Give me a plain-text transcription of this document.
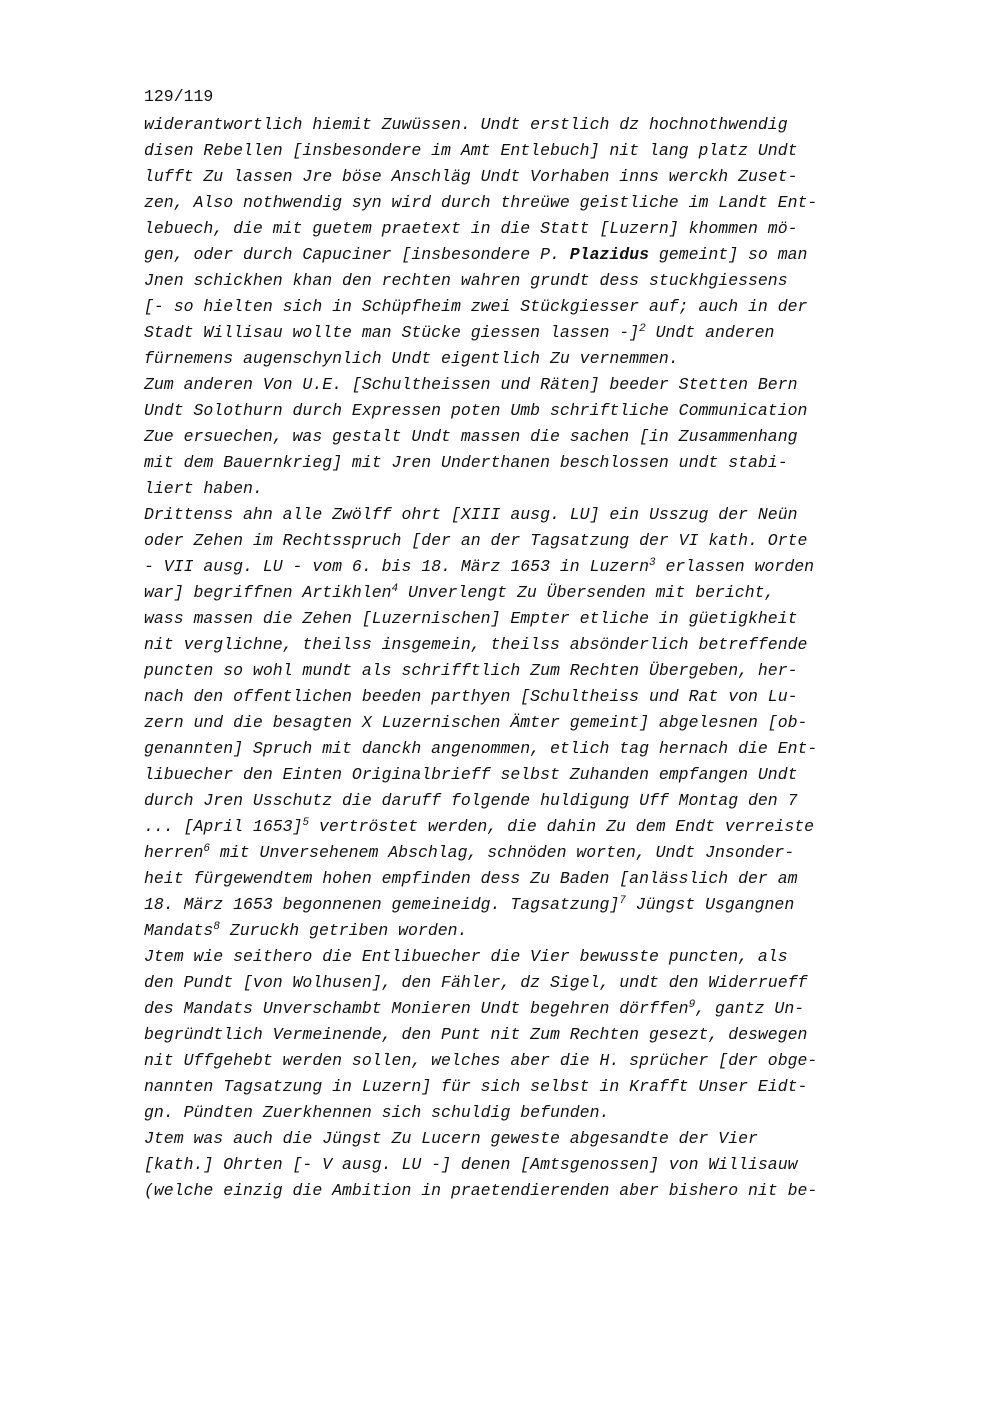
129/119
widerantwortlich hiemit Zuwüssen. Undt erstlich dz hochnothwendig
disen Rebellen [insbesondere im Amt Entlebuch] nit lang platz Undt
lufft Zu lassen Jre böse Anschläg Undt Vorhaben inns werckh Zuset-
zen, Also nothwendig syn wird durch threüwe geistliche im Landt Ent-
lebuech, die mit guetem praetext in die Statt [Luzern] khommen mö-
gen, oder durch Capuciner [insbesondere P. Plazidus gemeint] so man
Jnen schickhen khan den rechten wahren grundt dess stuckhgiessens
[- so hielten sich in Schüpfheim zwei Stückgiesser auf; auch in der
Stadt Willisau wollte man Stücke giessen lassen -]$^2$ Undt anderen
fürnemens augenschynlich Undt eigentlich Zu vernemmen.
Zum anderen Von U.E. [Schultheissen und Räten] beeder Stetten Bern
Undt Solothurn durch Expressen poten Umb schriftliche Communication
Zue ersuechen, was gestalt Undt massen die sachen [in Zusammenhang
mit dem Bauernkrieg] mit Jren Underthanen beschlossen undt stabi-
liert haben.
Drittenss ahn alle Zwölff ohrt [XIII ausg. LU] ein Usszug der Neün
oder Zehen im Rechtsspruch [der an der Tagsatzung der VI kath. Orte
- VII ausg. LU - vom 6. bis 18. März 1653 in Luzern$^3$ erlassen worden
war] begriffnen Artikhlen$^4$ Unverlengt Zu Übersenden mit bericht,
wass massen die Zehen [Luzernischen] Empter etliche in güetigkheit
nit verglichne, theilss insgemein, theilss absönderlich betreffende
puncten so wohl mundt als schrifftlich Zum Rechten Übergeben, her-
nach den offentlichen beeden parthyen [Schultheiss und Rat von Lu-
zern und die besagten X Luzernischen Ämter gemeint] abgelesnen [ob-
genannten] Spruch mit danckh angenommen, etlich tag hernach die Ent-
libuecher den Einten Originalbrieff selbst Zuhanden empfangen Undt
durch Jren Usschutz die daruff folgende huldigung Uff Montag den 7
... [April 1653]$^5$ vertröstet werden, die dahin Zu dem Endt verreiste
herren$^6$ mit Unversehenem Abschlag, schnöden worten, Undt Jnsonder-
heit fürgewendtem hohen empfinden dess Zu Baden [anlässlich der am
18. März 1653 begonnenen gemeineidg. Tagsatzung]$^7$ Jüngst Usgangnen
Mandats$^8$ Zuruckh getriben worden.
Jtem wie seithero die Entlibuecher die Vier bewusste puncten, als
den Pundt [von Wolhusen], den Fähler, dz Sigel, undt den Widerrueff
des Mandats Unverschambt Monieren Undt begehren dörffen$^9$, gantz Un-
begründtlich Vermeinende, den Punt nit Zum Rechten gesezt, deswegen
nit Uffgehebt werden sollen, welches aber die H. sprücher [der obge-
nannten Tagsatzung in Luzern] für sich selbst in Krafft Unser Eidt-
gn. Pündten Zuerkhennen sich schuldig befunden.
Jtem was auch die Jüngst Zu Lucern geweste abgesandte der Vier
[kath.] Ohrten [- V ausg. LU -] denen [Amtsgenossen] von Willisauw
(welche einzig die Ambition in praetendierenden aber bishero nit be-
